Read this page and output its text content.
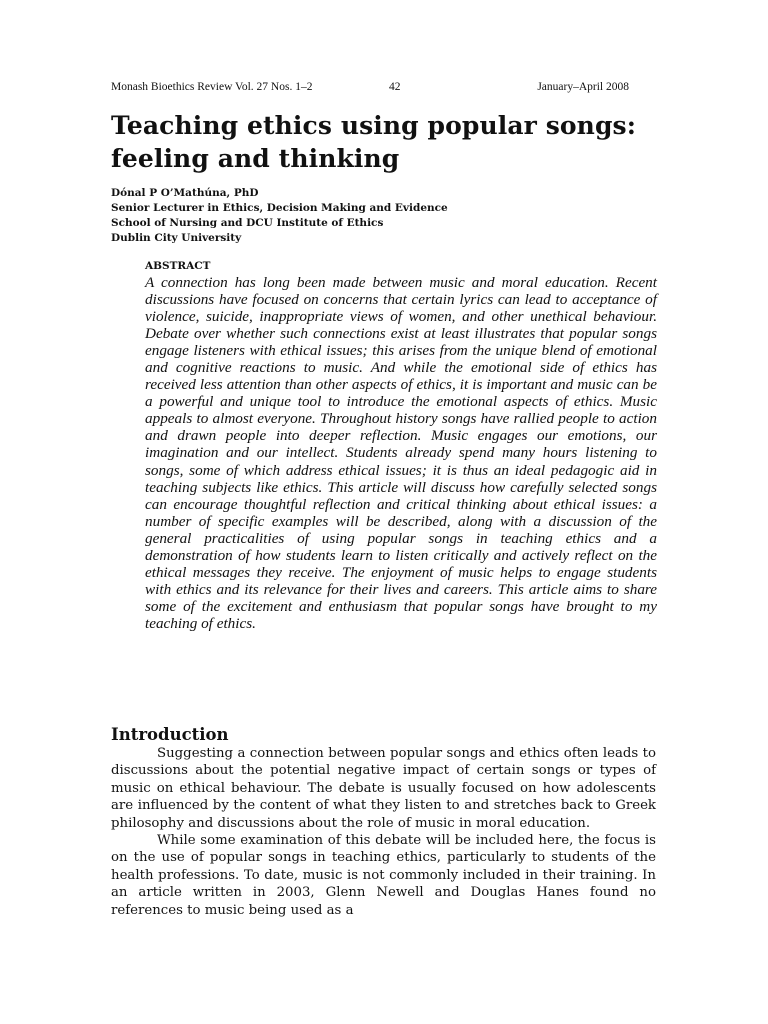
Monash Bioethics Review Vol. 27 Nos. 1–2	42	January–April 2008
Teaching ethics using popular songs: feeling and thinking
Dónal P O’Mathúna, PhD
Senior Lecturer in Ethics, Decision Making and Evidence
School of Nursing and DCU Institute of Ethics
Dublin City University
ABSTRACT

A connection has long been made between music and moral education. Recent discussions have focused on concerns that certain lyrics can lead to acceptance of violence, suicide, inappropriate views of women, and other unethical behaviour. Debate over whether such connections exist at least illustrates that popular songs engage listeners with ethical issues; this arises from the unique blend of emotional and cognitive reactions to music. And while the emotional side of ethics has received less attention than other aspects of ethics, it is important and music can be a powerful and unique tool to introduce the emotional aspects of ethics. Music appeals to almost everyone. Throughout history songs have rallied people to action and drawn people into deeper reflection. Music engages our emotions, our imagination and our intellect. Students already spend many hours listening to songs, some of which address ethical issues; it is thus an ideal pedagogic aid in teaching subjects like ethics. This article will discuss how carefully selected songs can encourage thoughtful reflection and critical thinking about ethical issues: a number of specific examples will be described, along with a discussion of the general practicalities of using popular songs in teaching ethics and a demonstration of how students learn to listen critically and actively reflect on the ethical messages they receive. The enjoyment of music helps to engage students with ethics and its relevance for their lives and careers. This article aims to share some of the excitement and enthusiasm that popular songs have brought to my teaching of ethics.

Introduction

Suggesting a connection between popular songs and ethics often leads to discussions about the potential negative impact of certain songs or types of music on ethical behaviour. The debate is usually focused on how adolescents are influenced by the content of what they listen to and stretches back to Greek philosophy and discussions about the role of music in moral education.

While some examination of this debate will be included here, the focus is on the use of popular songs in teaching ethics, particularly to students of the health professions. To date, music is not commonly included in their training. In an article written in 2003, Glenn Newell and Douglas Hanes found no references to music being used as a
